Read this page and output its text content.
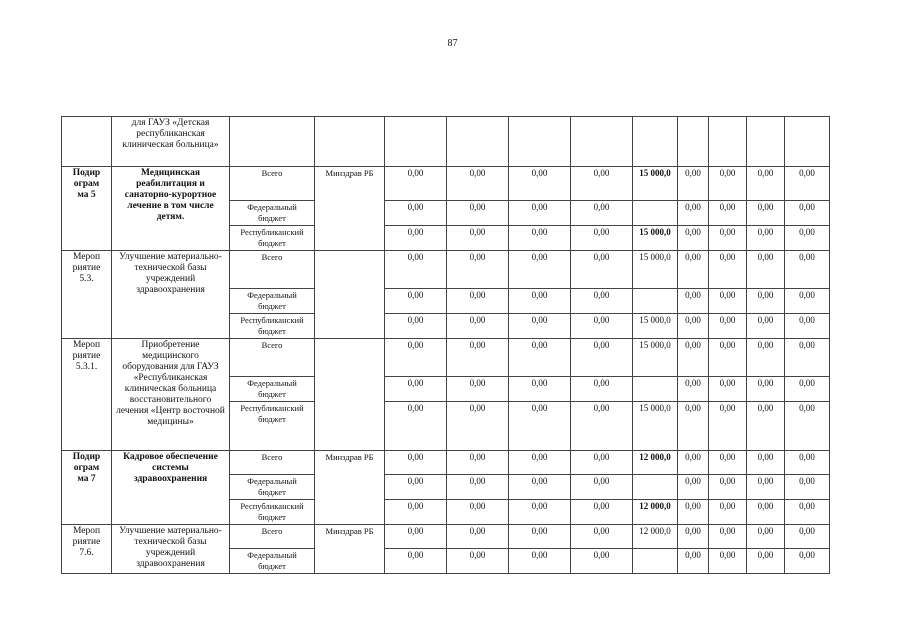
87
	для ГАУЗ «Детская республиканская клиническая больница»											
Подир
огрaм
ма 5	Медицинская реабилитация и санаторно-курортное лечение в том числе детям.	Всего	Минздрав РБ	0,00	0,00	0,00	0,00	15 000,0	0,00	0,00	0,00	0,00
		Федеральный бюджет		0,00	0,00	0,00	0,00		0,00	0,00	0,00	0,00
		Республиканский бюджет		0,00	0,00	0,00	0,00	15 000,0	0,00	0,00	0,00	0,00
Мероп
риятие
5.3.	Улучшение материально-технической базы учреждений здравоохранения	Всего		0,00	0,00	0,00	0,00	15 000,0	0,00	0,00	0,00	0,00
		Федеральный бюджет		0,00	0,00	0,00	0,00		0,00	0,00	0,00	0,00
		Республиканский бюджет		0,00	0,00	0,00	0,00	15 000,0	0,00	0,00	0,00	0,00
Мероп
риятие
5.3.1.	Приобретение медицинского оборудования для ГАУЗ «Республиканская клиническая больница восстановительного лечения «Центр восточной медицины»	Всего		0,00	0,00	0,00	0,00	15 000,0	0,00	0,00	0,00	0,00
		Федеральный бюджет		0,00	0,00	0,00	0,00		0,00	0,00	0,00	0,00
		Республиканский бюджет		0,00	0,00	0,00	0,00	15 000,0	0,00	0,00	0,00	0,00
Подир
огрaм
ма 7	Кадровое обеспечение системы здравоохранения	Всего	Минздрав РБ	0,00	0,00	0,00	0,00	12 000,0	0,00	0,00	0,00	0,00
		Федеральный бюджет		0,00	0,00	0,00	0,00		0,00	0,00	0,00	0,00
		Республиканский бюджет		0,00	0,00	0,00	0,00	12 000,0	0,00	0,00	0,00	0,00
Мероп
риятие
7.6.	Улучшение материально-технической базы учреждений здравоохранения	Всего	Минздрав РБ	0,00	0,00	0,00	0,00	12 000,0	0,00	0,00	0,00	0,00
		Федеральный бюджет		0,00	0,00	0,00	0,00		0,00	0,00	0,00	0,00
